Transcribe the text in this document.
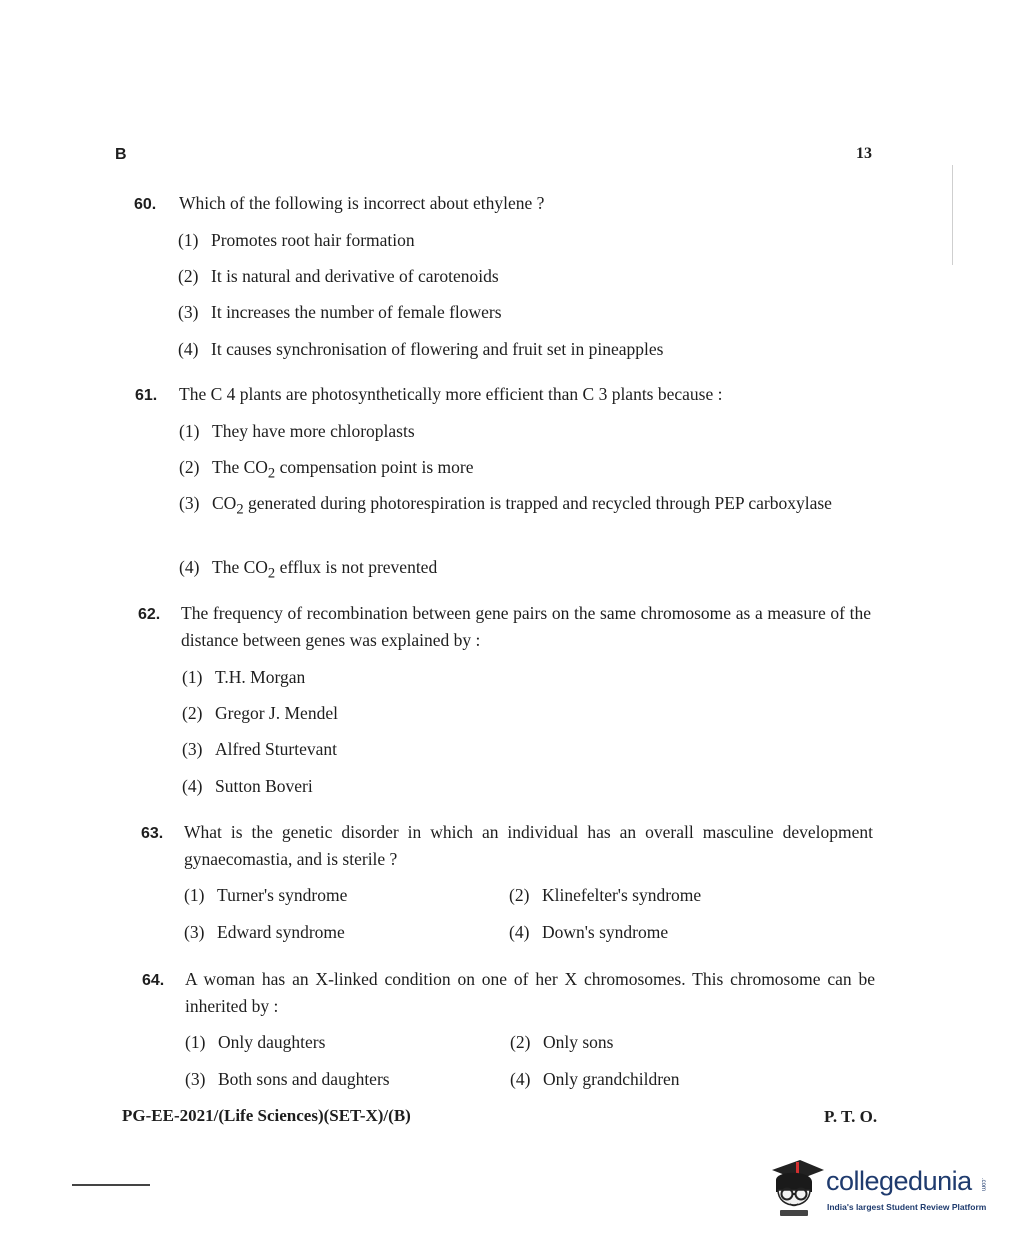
B	13
60. Which of the following is incorrect about ethylene ?
(1) Promotes root hair formation
(2) It is natural and derivative of carotenoids
(3) It increases the number of female flowers
(4) It causes synchronisation of flowering and fruit set in pineapples
61. The C 4 plants are photosynthetically more efficient than C 3 plants because :
(1) They have more chloroplasts
(2) The $CO_2$ compensation point is more
(3) $CO_2$ generated during photorespiration is trapped and recycled through PEP carboxylase
(4) The $CO_2$ efflux is not prevented
62. The frequency of recombination between gene pairs on the same chromosome as a measure of the distance between genes was explained by :
(1) T.H. Morgan
(2) Gregor J. Mendel
(3) Alfred Sturtevant
(4) Sutton Boveri
63. What is the genetic disorder in which an individual has an overall masculine development gynaecomastia, and is sterile ?
(1) Turner's syndrome	(2) Klinefelter's syndrome
(3) Edward syndrome	(4) Down's syndrome
64. A woman has an X-linked condition on one of her X chromosomes. This chromosome can be inherited by :
(1) Only daughters	(2) Only sons
(3) Both sons and daughters	(4) Only grandchildren
PG-EE-2021/(Life Sciences)(SET-X)/(B)	P. T. O.
collegedunia .com
India's largest Student Review Platform
